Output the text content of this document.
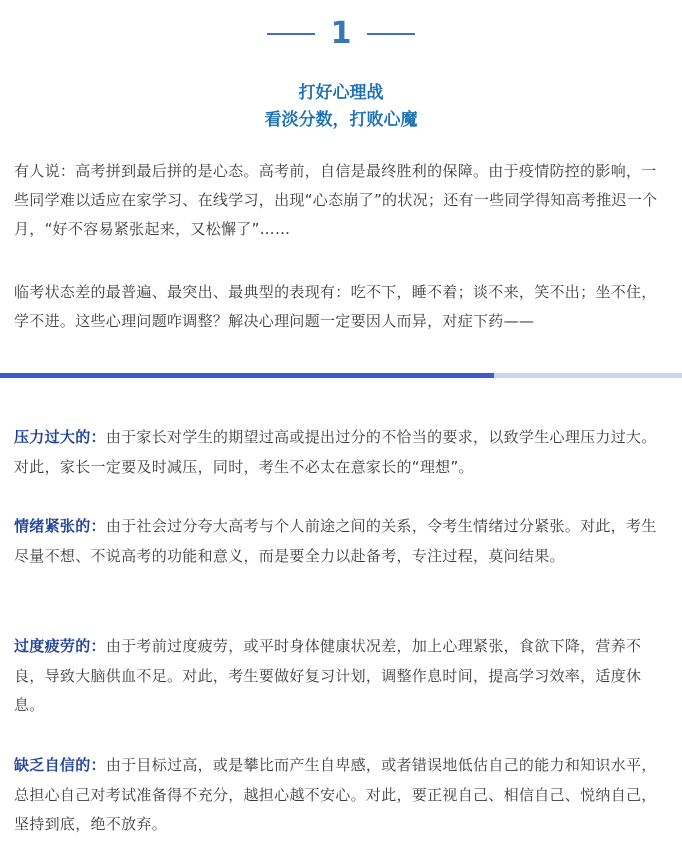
1
打好心理战
看淡分数，打败心魔

有人说：高考拼到最后拼的是心态。高考前，自信是最终胜利的保障。由于疫情防控的影响，一些同学难以适应在家学习、在线学习，出现“心态崩了”的状况；还有一些同学得知高考推迟一个月，“好不容易紧张起来，又松懈了”……

临考状态差的最普遍、最突出、最典型的表现有：吃不下，睡不着；谈不来，笑不出；坐不住，学不进。这些心理问题咋调整？解决心理问题一定要因人而异，对症下药——

压力过大的：由于家长对学生的期望过高或提出过分的不恰当的要求，以致学生心理压力过大。对此，家长一定要及时减压，同时，考生不必太在意家长的“理想”。

情绪紧张的：由于社会过分夸大高考与个人前途之间的关系，令考生情绪过分紧张。对此，考生尽量不想、不说高考的功能和意义，而是要全力以赴备考，专注过程，莫问结果。

过度疲劳的：由于考前过度疲劳，或平时身体健康状况差，加上心理紧张，食欲下降，营养不良，导致大脑供血不足。对此，考生要做好复习计划，调整作息时间，提高学习效率，适度休息。

缺乏自信的：由于目标过高，或是攀比而产生自卑感，或者错误地低估自己的能力和知识水平，总担心自己对考试准备得不充分，越担心越不安心。对此，要正视自己、相信自己、悦纳自己，坚持到底，绝不放弃。
